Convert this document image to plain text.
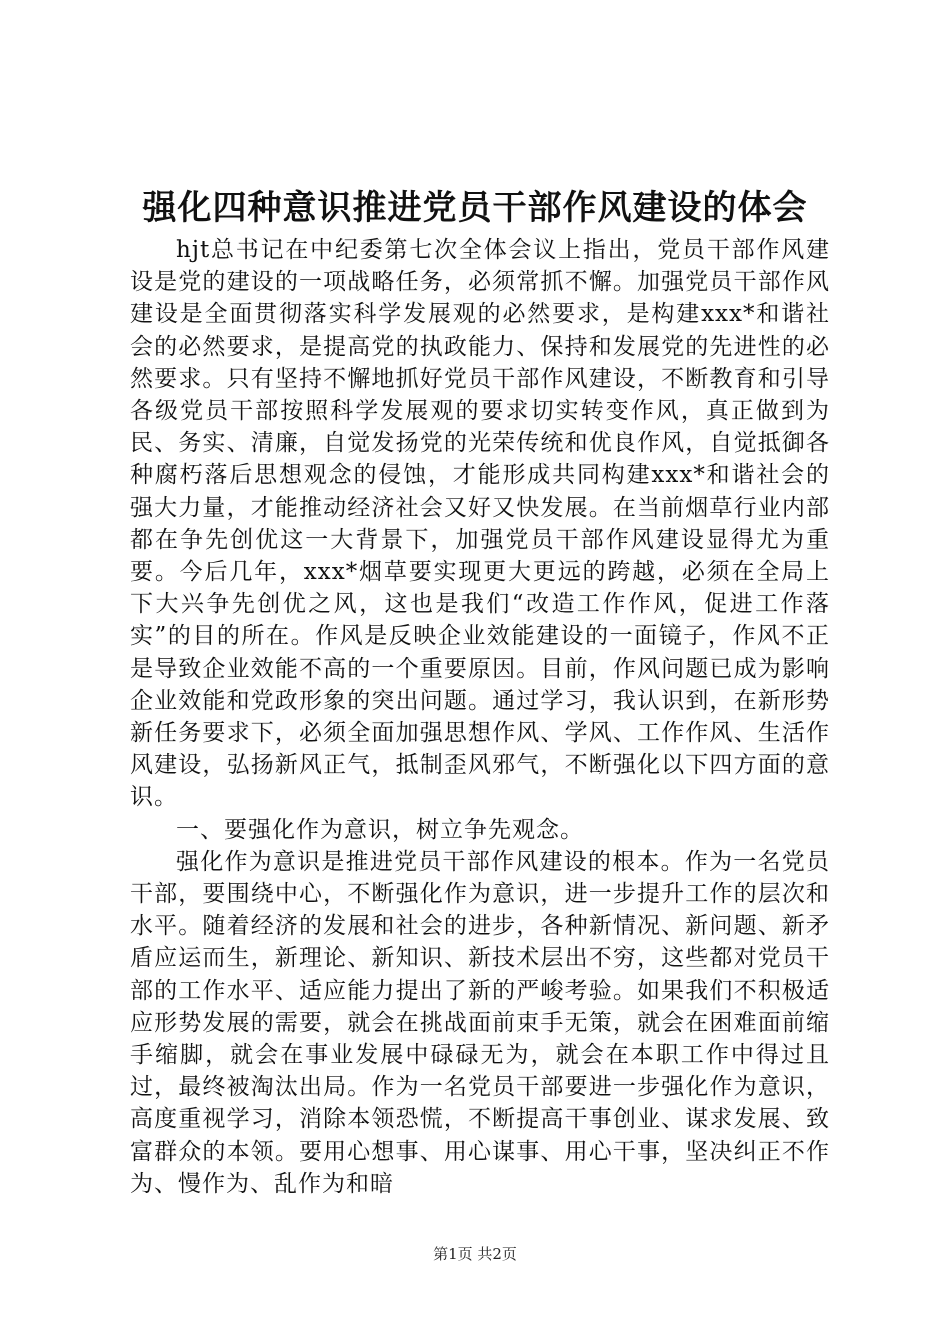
强化四种意识推进党员干部作风建设的体会

hjt总书记在中纪委第七次全体会议上指出，党员干部作风建设是党的建设的一项战略任务，必须常抓不懈。加强党员干部作风建设是全面贯彻落实科学发展观的必然要求，是构建xxx*和谐社会的必然要求，是提高党的执政能力、保持和发展党的先进性的必然要求。只有坚持不懈地抓好党员干部作风建设，不断教育和引导各级党员干部按照科学发展观的要求切实转变作风，真正做到为民、务实、清廉，自觉发扬党的光荣传统和优良作风，自觉抵御各种腐朽落后思想观念的侵蚀，才能形成共同构建xxx*和谐社会的强大力量，才能推动经济社会又好又快发展。在当前烟草行业内部都在争先创优这一大背景下，加强党员干部作风建设显得尤为重要。今后几年，xxx*烟草要实现更大更远的跨越，必须在全局上下大兴争先创优之风，这也是我们“改造工作作风，促进工作落实”的目的所在。作风是反映企业效能建设的一面镜子，作风不正是导致企业效能不高的一个重要原因。目前，作风问题已成为影响企业效能和党政形象的突出问题。通过学习，我认识到，在新形势新任务要求下，必须全面加强思想作风、学风、工作作风、生活作风建设，弘扬新风正气，抵制歪风邪气，不断强化以下四方面的意识。

一、要强化作为意识，树立争先观念。

强化作为意识是推进党员干部作风建设的根本。作为一名党员干部，要围绕中心，不断强化作为意识，进一步提升工作的层次和水平。随着经济的发展和社会的进步，各种新情况、新问题、新矛盾应运而生，新理论、新知识、新技术层出不穷，这些都对党员干部的工作水平、适应能力提出了新的严峻考验。如果我们不积极适应形势发展的需要，就会在挑战面前束手无策，就会在困难面前缩手缩脚，就会在事业发展中碌碌无为，就会在本职工作中得过且过，最终被淘汰出局。作为一名党员干部要进一步强化作为意识，高度重视学习，消除本领恐慌，不断提高干事创业、谋求发展、致富群众的本领。要用心想事、用心谋事、用心干事，坚决纠正不作为、慢作为、乱作为和暗

第1页 共2页
